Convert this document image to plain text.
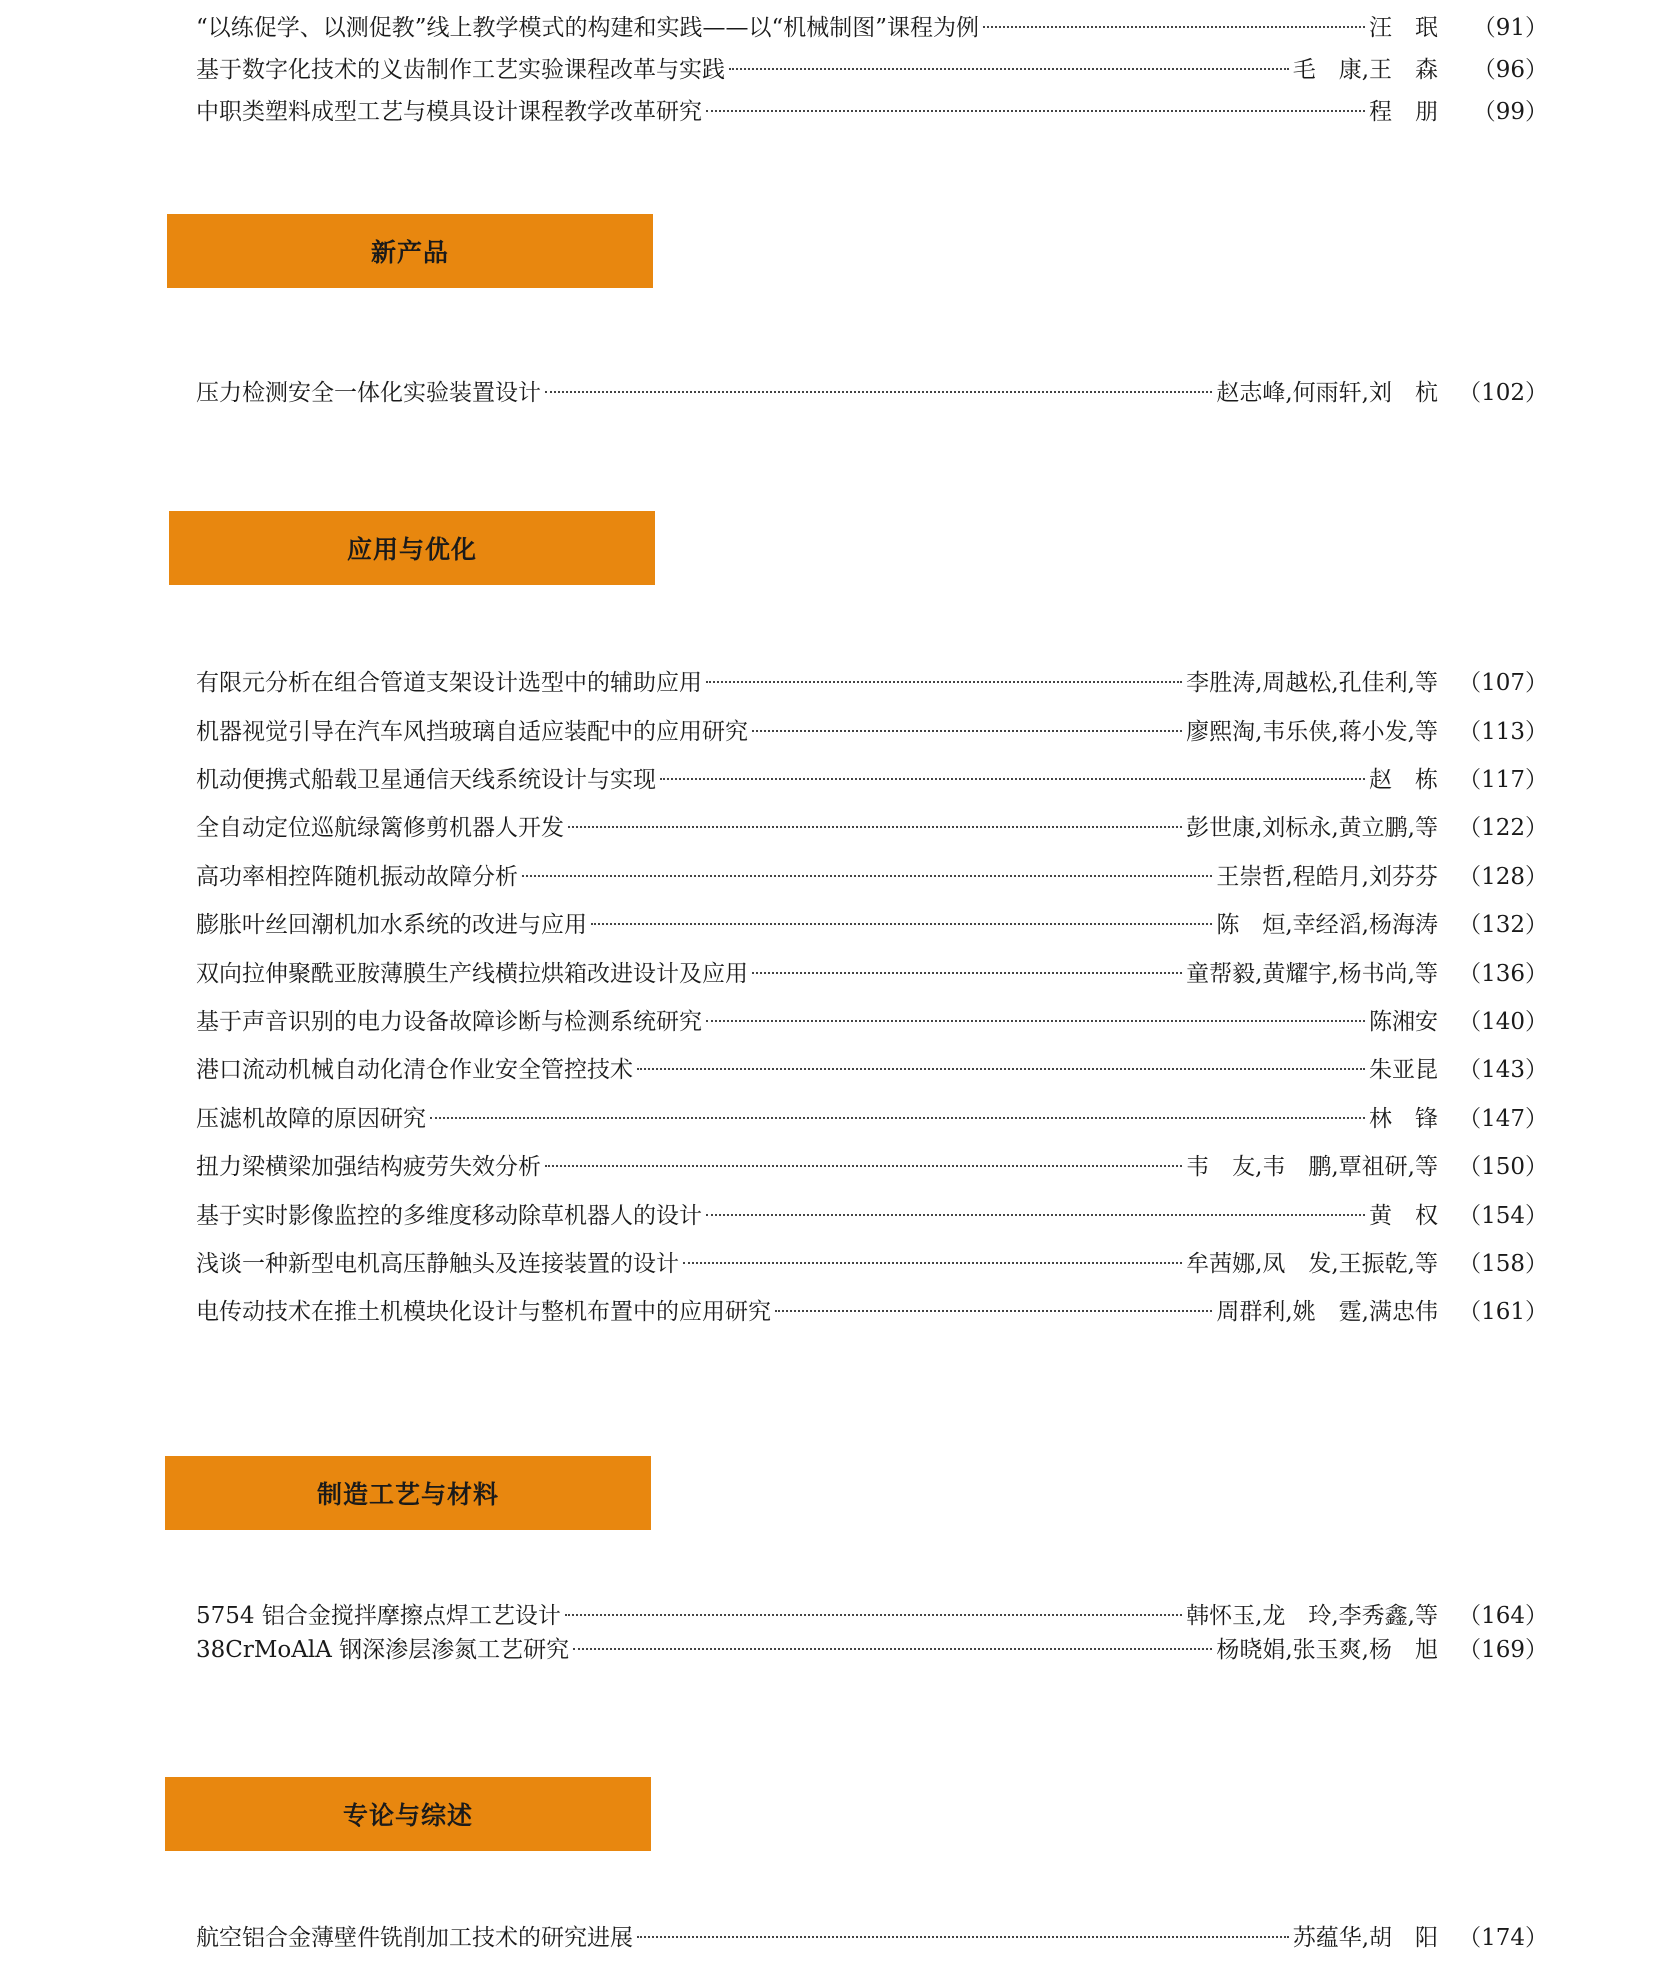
“以练促学、以测促教”线上教学模式的构建和实践——以“机械制图”课程为例	汪　珉	（91）
基于数字化技术的义齿制作工艺实验课程改革与实践	毛　康,王　森	（96）
中职类塑料成型工艺与模具设计课程教学改革研究	程　朋	（99）
新产品
压力检测安全一体化实验装置设计	赵志峰,何雨轩,刘　杭 （102）
应用与优化
有限元分析在组合管道支架设计选型中的辅助应用	李胜涛,周越松,孔佳利,等 （107）
机器视觉引导在汽车风挡玻璃自适应装配中的应用研究	廖熙淘,韦乐侠,蒋小发,等 （113）
机动便携式船载卫星通信天线系统设计与实现	赵　栋 （117）
全自动定位巡航绿篱修剪机器人开发	彭世康,刘标永,黄立鹏,等 （122）
高功率相控阵随机振动故障分析	王崇哲,程皓月,刘芬芬 （128）
膨胀叶丝回潮机加水系统的改进与应用	陈　烜,幸经滔,杨海涛 （132）
双向拉伸聚酰亚胺薄膜生产线横拉烘箱改进设计及应用	童帮毅,黄耀宇,杨书尚,等 （136）
基于声音识别的电力设备故障诊断与检测系统研究	陈湘安 （140）
港口流动机械自动化清仓作业安全管控技术	朱亚昆 （143）
压滤机故障的原因研究	林　锋 （147）
扭力梁横梁加强结构疲劳失效分析	韦　友,韦　鹏,覃祖研,等 （150）
基于实时影像监控的多维度移动除草机器人的设计	黄　权 （154）
浅谈一种新型电机高压静触头及连接装置的设计	牟茜娜,凤　发,王振乾,等 （158）
电传动技术在推土机模块化设计与整机布置中的应用研究	周群利,姚　霆,满忠伟 （161）
制造工艺与材料
5754 铝合金搅拌摩擦点焊工艺设计	韩怀玉,龙　玲,李秀鑫,等 （164）
38CrMoAlA 钢深渗层渗氮工艺研究	杨晓娟,张玉爽,杨　旭 （169）
专论与综述
航空铝合金薄壁件铣削加工技术的研究进展	苏蕴华,胡　阳 （174）
